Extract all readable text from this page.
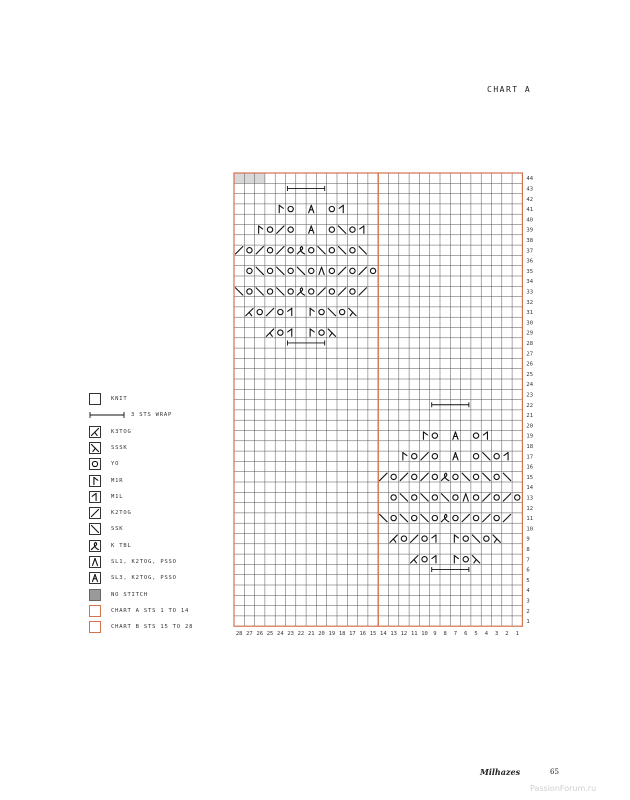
CHART A
28 27 26 25 24 23 22 21 20 19 18 17 16 15 14 13 12 11 10 9 8 7 6 5 4 3 2 1
1
2
3
4
5
6
7
8
9
10
11
12
13
14
15
16
17
18
19
20
21
22
23
24
25
26
27
28
29
30
31
32
33
34
35
36
37
38
39
40
41
42
43
44
KNIT
3 STS WRAP
K3TOG
SSSK
YO
M1R
M1L
K2TOG
SSK
K TBL
SL1, K2TOG, PSSO
SL3, K2TOG, PSSO
NO STITCH
CHART A STS 1 TO 14
CHART B STS 15 TO 28
Milhazes	65
PassionForum.ru
